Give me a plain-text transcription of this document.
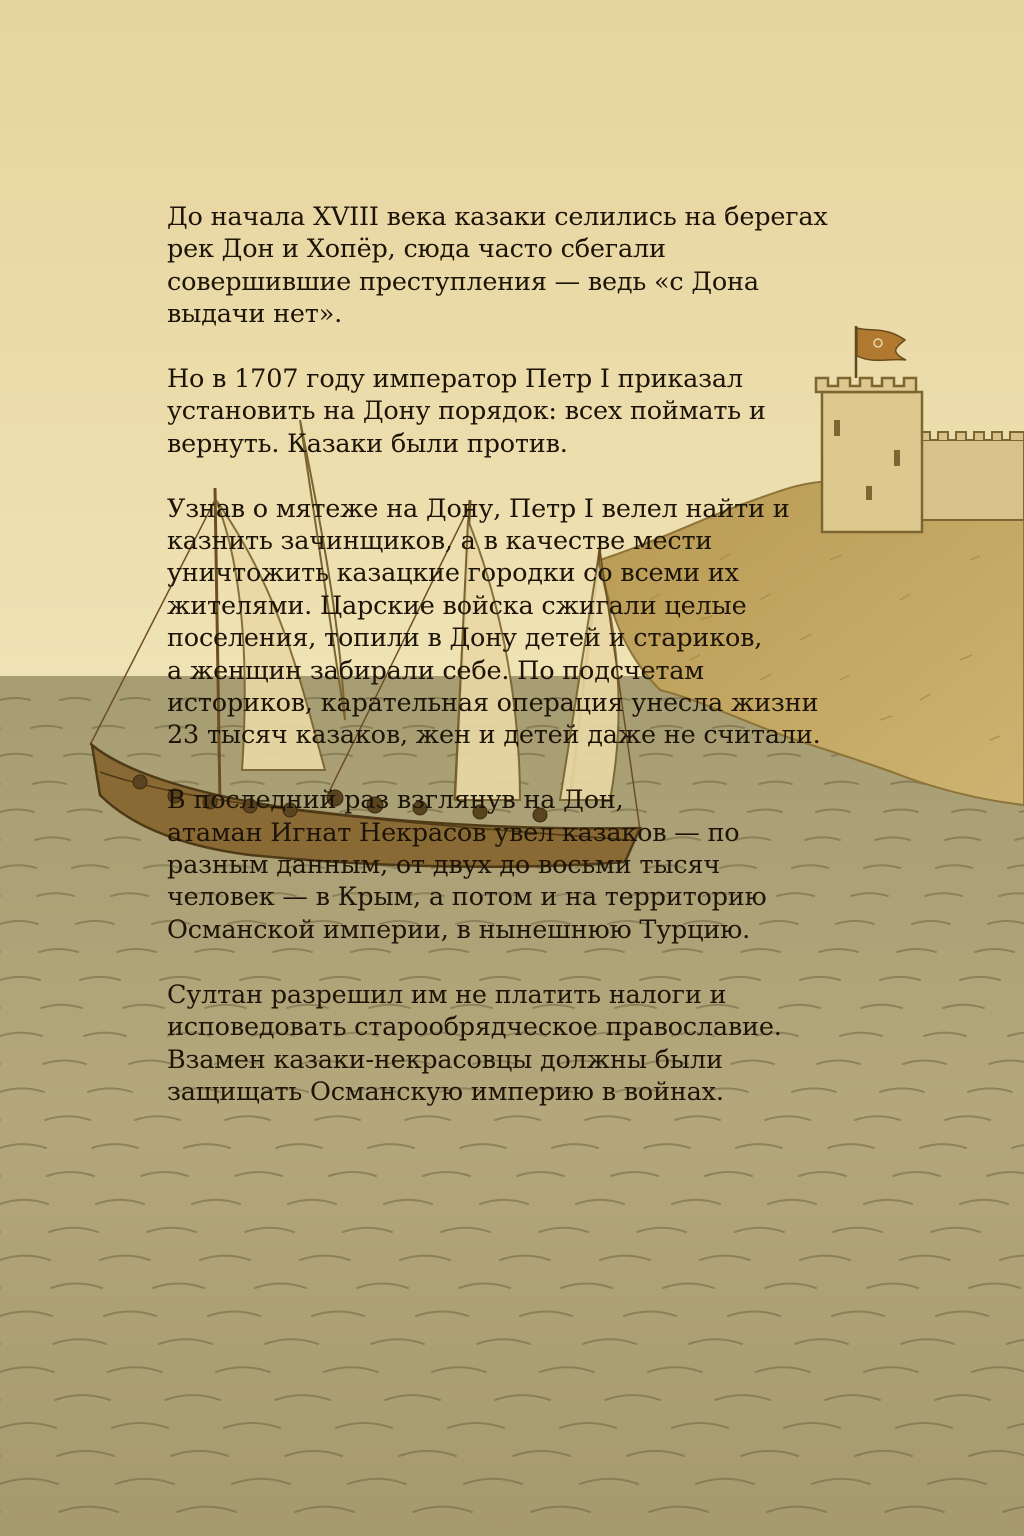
До начала XVIII века казаки селились на берегах
рек Дон и Хопёр, сюда часто сбегали
совершившие преступления — ведь «с Дона
выдачи нет».

Но в 1707 году император Петр I приказал
установить на Дону порядок: всех поймать и
вернуть. Казаки были против.

Узнав о мятеже на Дону, Петр I велел найти и
казнить зачинщиков, а в качестве мести
уничтожить казацкие городки со всеми их
жителями. Царские войска сжигали целые
поселения, топили в Дону детей и стариков,
а женщин забирали себе. По подсчетам
историков, карательная операция унесла жизни
23 тысяч казаков, жен и детей даже не считали.

В последний раз взглянув на Дон,
атаман Игнат Некрасов увел казаков — по
разным данным, от двух до восьми тысяч
человек — в Крым, а потом и на территорию
Османской империи, в нынешнюю Турцию.

Султан разрешил им не платить налоги и
исповедовать старообрядческое православие.
Взамен казаки-некрасовцы должны были
защищать Османскую империю в войнах.
